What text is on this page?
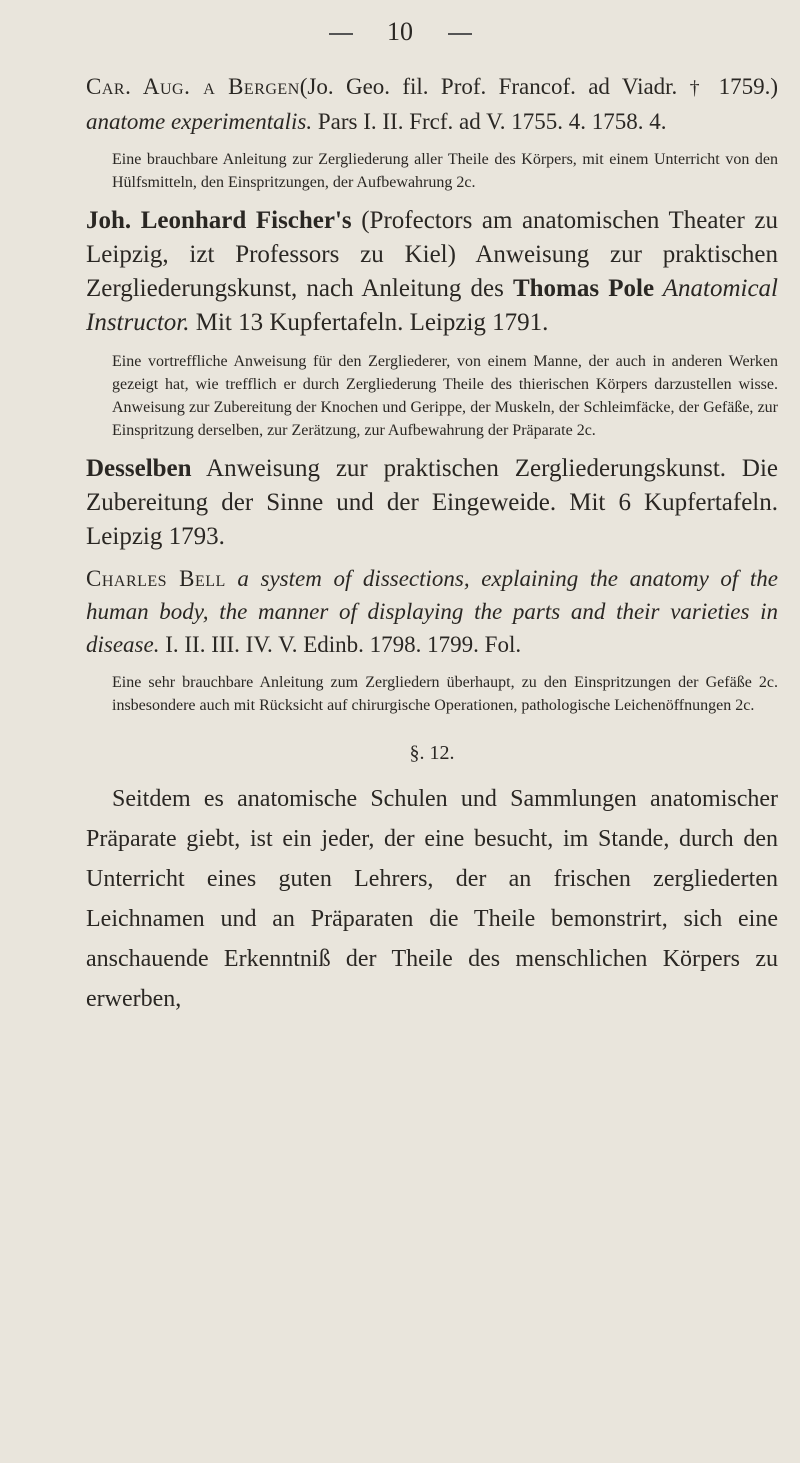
10

Car. Aug. a Bergen(Jo. Geo. fil. Prof. Francof. ad Viadr. † 1759.) anatome experimentalis. Pars I. II. Frcf. ad V. 1755. 4. 1758. 4.

Eine brauchbare Anleitung zur Zergliederung aller Theile des Körpers, mit einem Unterricht von den Hülfsmitteln, den Einspritzungen, der Aufbewahrung 2c.

Joh. Leonhard Fischer's (Profectors am anatomischen Theater zu Leipzig, izt Professors zu Kiel) Anweisung zur praktischen Zergliederungskunst, nach Anleitung des Thomas Pole Anatomical Instructor. Mit 13 Kupfertafeln. Leipzig 1791.

Eine vortreffliche Anweisung für den Zergliederer, von einem Manne, der auch in anderen Werken gezeigt hat, wie trefflich er durch Zergliederung Theile des thierischen Körpers darzustellen wisse. Anweisung zur Zubereitung der Knochen und Gerippe, der Muskeln, der Schleimfäcke, der Gefäße, zur Einspritzung derselben, zur Zerätzung, zur Aufbewahrung der Präparate 2c.

Desselben Anweisung zur praktischen Zergliederungskunst. Die Zubereitung der Sinne und der Eingeweide. Mit 6 Kupfertafeln. Leipzig 1793.

Charles Bell a system of dissections, explaining the anatomy of the human body, the manner of displaying the parts and their varieties in disease. I. II. III. IV. V. Edinb. 1798. 1799. Fol.

Eine sehr brauchbare Anleitung zum Zergliedern überhaupt, zu den Einspritzungen der Gefäße 2c. insbesondere auch mit Rücksicht auf chirurgische Operationen, pathologische Leichenöffnungen 2c.

§. 12.

Seitdem es anatomische Schulen und Sammlungen anatomischer Präparate giebt, ist ein jeder, der eine besucht, im Stande, durch den Unterricht eines guten Lehrers, der an frischen zergliederten Leichnamen und an Präparaten die Theile bemonstrirt, sich eine anschauende Erkenntniß der Theile des menschlichen Körpers zu erwerben,
